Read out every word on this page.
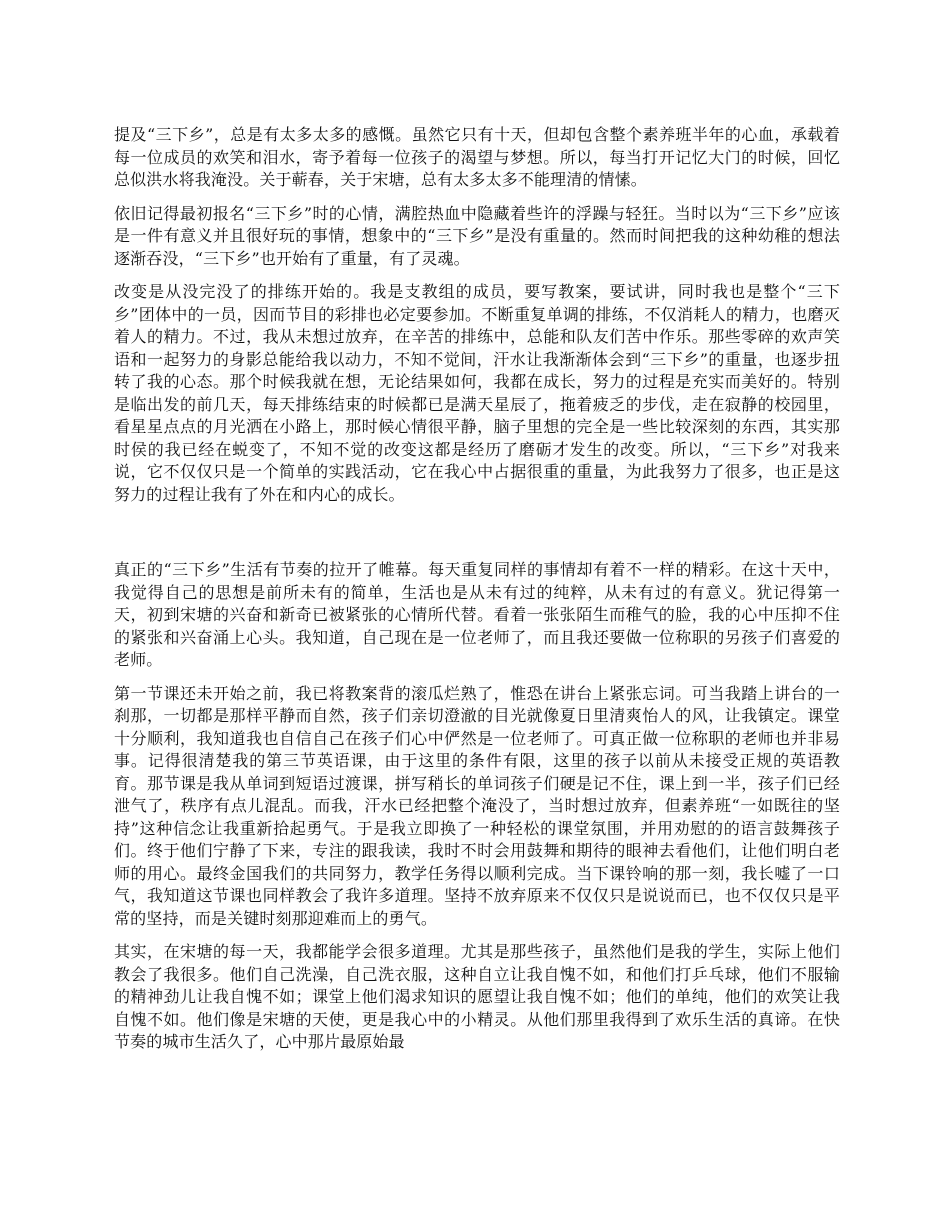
提及“三下乡”，总是有太多太多的感慨。虽然它只有十天，但却包含整个素养班半年的心血，承载着每一位成员的欢笑和泪水，寄予着每一位孩子的渴望与梦想。所以，每当打开记忆大门的时候，回忆总似洪水将我淹没。关于蕲春，关于宋塘，总有太多太多不能理清的情愫。

依旧记得最初报名“三下乡”时的心情，满腔热血中隐藏着些许的浮躁与轻狂。当时以为“三下乡”应该是一件有意义并且很好玩的事情，想象中的“三下乡”是没有重量的。然而时间把我的这种幼稚的想法逐渐吞没，“三下乡”也开始有了重量，有了灵魂。

改变是从没完没了的排练开始的。我是支教组的成员，要写教案，要试讲，同时我也是整个“三下乡”团体中的一员，因而节目的彩排也必定要参加。不断重复单调的排练，不仅消耗人的精力，也磨灭着人的精力。不过，我从未想过放弃，在辛苦的排练中，总能和队友们苦中作乐。那些零碎的欢声笑语和一起努力的身影总能给我以动力，不知不觉间，汗水让我渐渐体会到“三下乡”的重量，也逐步扭转了我的心态。那个时候我就在想，无论结果如何，我都在成长，努力的过程是充实而美好的。特别是临出发的前几天，每天排练结束的时候都已是满天星辰了，拖着疲乏的步伐，走在寂静的校园里，看星星点点的月光洒在小路上，那时候心情很平静，脑子里想的完全是一些比较深刻的东西，其实那时侯的我已经在蜕变了，不知不觉的改变这都是经历了磨砺才发生的改变。所以，“三下乡”对我来说，它不仅仅只是一个简单的实践活动，它在我心中占据很重的重量，为此我努力了很多，也正是这努力的过程让我有了外在和内心的成长。

真正的“三下乡”生活有节奏的拉开了帷幕。每天重复同样的事情却有着不一样的精彩。在这十天中，我觉得自己的思想是前所未有的简单，生活也是从未有过的纯粹，从未有过的有意义。犹记得第一天，初到宋塘的兴奋和新奇已被紧张的心情所代替。看着一张张陌生而稚气的脸，我的心中压抑不住的紧张和兴奋涌上心头。我知道，自己现在是一位老师了，而且我还要做一位称职的另孩子们喜爱的老师。

第一节课还未开始之前，我已将教案背的滚瓜烂熟了，惟恐在讲台上紧张忘词。可当我踏上讲台的一刹那，一切都是那样平静而自然，孩子们亲切澄澈的目光就像夏日里清爽怡人的风，让我镇定。课堂十分顺利，我知道我也自信自己在孩子们心中俨然是一位老师了。可真正做一位称职的老师也并非易事。记得很清楚我的第三节英语课，由于这里的条件有限，这里的孩子以前从未接受正规的英语教育。那节课是我从单词到短语过渡课，拼写稍长的单词孩子们硬是记不住，课上到一半，孩子们已经泄气了，秩序有点儿混乱。而我，汗水已经把整个淹没了，当时想过放弃，但素养班“一如既往的坚持”这种信念让我重新拾起勇气。于是我立即换了一种轻松的课堂氛围，并用劝慰的的语言鼓舞孩子们。终于他们宁静了下来，专注的跟我读，我时不时会用鼓舞和期待的眼神去看他们，让他们明白老师的用心。最终金国我们的共同努力，教学任务得以顺利完成。当下课铃响的那一刻，我长嘘了一口气，我知道这节课也同样教会了我许多道理。坚持不放弃原来不仅仅只是说说而已，也不仅仅只是平常的坚持，而是关键时刻那迎难而上的勇气。

其实，在宋塘的每一天，我都能学会很多道理。尤其是那些孩子，虽然他们是我的学生，实际上他们教会了我很多。他们自己洗澡，自己洗衣服，这种自立让我自愧不如，和他们打乒乓球，他们不服输的精神劲儿让我自愧不如；课堂上他们渴求知识的愿望让我自愧不如；他们的单纯，他们的欢笑让我自愧不如。他们像是宋塘的天使，更是我心中的小精灵。从他们那里我得到了欢乐生活的真谛。在快节奏的城市生活久了，心中那片最原始最
